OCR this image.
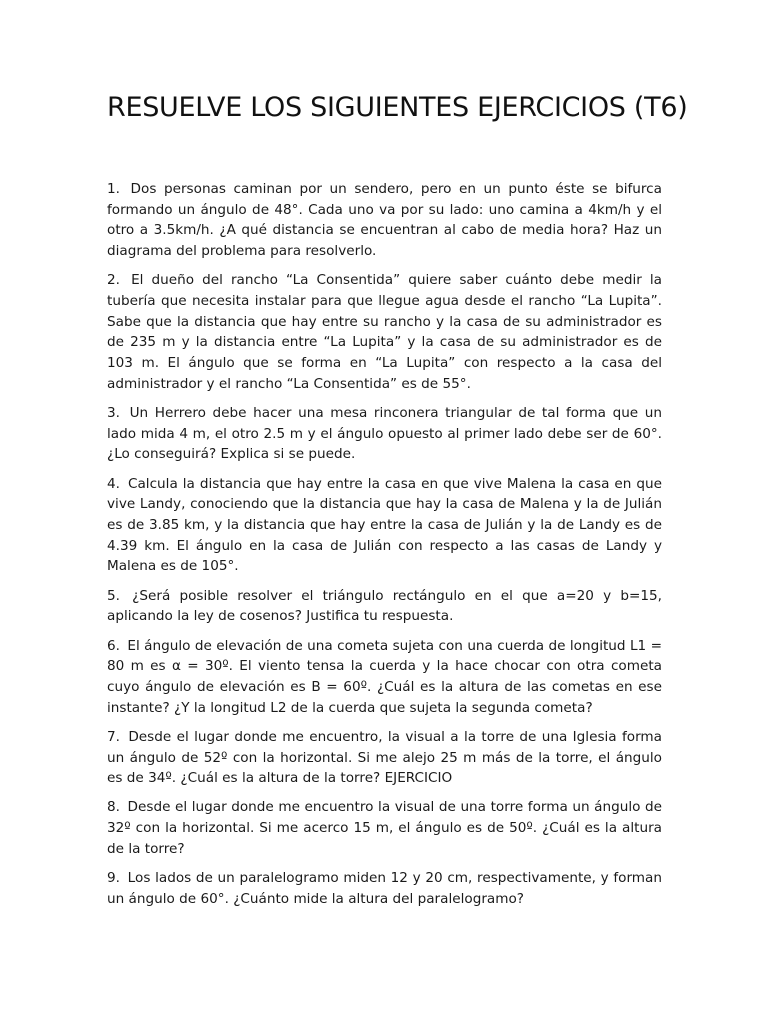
RESUELVE LOS SIGUIENTES EJERCICIOS (T6)

1. Dos personas caminan por un sendero, pero en un punto éste se bifurca formando un ángulo de 48°. Cada uno va por su lado: uno camina a 4km/h y el otro a 3.5km/h. ¿A qué distancia se encuentran al cabo de media hora? Haz un diagrama del problema para resolverlo.

2. El dueño del rancho “La Consentida” quiere saber cuánto debe medir la tubería que necesita instalar para que llegue agua desde el rancho “La Lupita”. Sabe que la distancia que hay entre su rancho y la casa de su administrador es de 235 m y la distancia entre “La Lupita” y la casa de su administrador es de 103 m. El ángulo que se forma en “La Lupita” con respecto a la casa del administrador y el rancho “La Consentida” es de 55°.

3. Un Herrero debe hacer una mesa rinconera triangular de tal forma que un lado mida 4 m, el otro 2.5 m y el ángulo opuesto al primer lado debe ser de 60°. ¿Lo conseguirá? Explica si se puede.

4. Calcula la distancia que hay entre la casa en que vive Malena la casa en que vive Landy, conociendo que la distancia que hay la casa de Malena y la de Julián es de 3.85 km, y la distancia que hay entre la casa de Julián y la de Landy es de 4.39 km. El ángulo en la casa de Julián con respecto a las casas de Landy y Malena es de 105°.

5. ¿Será posible resolver el triángulo rectángulo en el que a=20 y b=15, aplicando la ley de cosenos? Justifica tu respuesta.

6. El ángulo de elevación de una cometa sujeta con una cuerda de longitud L1 = 80 m es α = 30º. El viento tensa la cuerda y la hace chocar con otra cometa cuyo ángulo de elevación es Β = 60º. ¿Cuál es la altura de las cometas en ese instante? ¿Y la longitud L2 de la cuerda que sujeta la segunda cometa?

7. Desde el lugar donde me encuentro, la visual a la torre de una Iglesia forma un ángulo de 52º con la horizontal. Si me alejo 25 m más de la torre, el ángulo es de 34º. ¿Cuál es la altura de la torre? EJERCICIO

8. Desde el lugar donde me encuentro la visual de una torre forma un ángulo de 32º con la horizontal. Si me acerco 15 m, el ángulo es de 50º. ¿Cuál es la altura de la torre?

9. Los lados de un paralelogramo miden 12 y 20 cm, respectivamente, y forman un ángulo de 60°. ¿Cuánto mide la altura del paralelogramo?
